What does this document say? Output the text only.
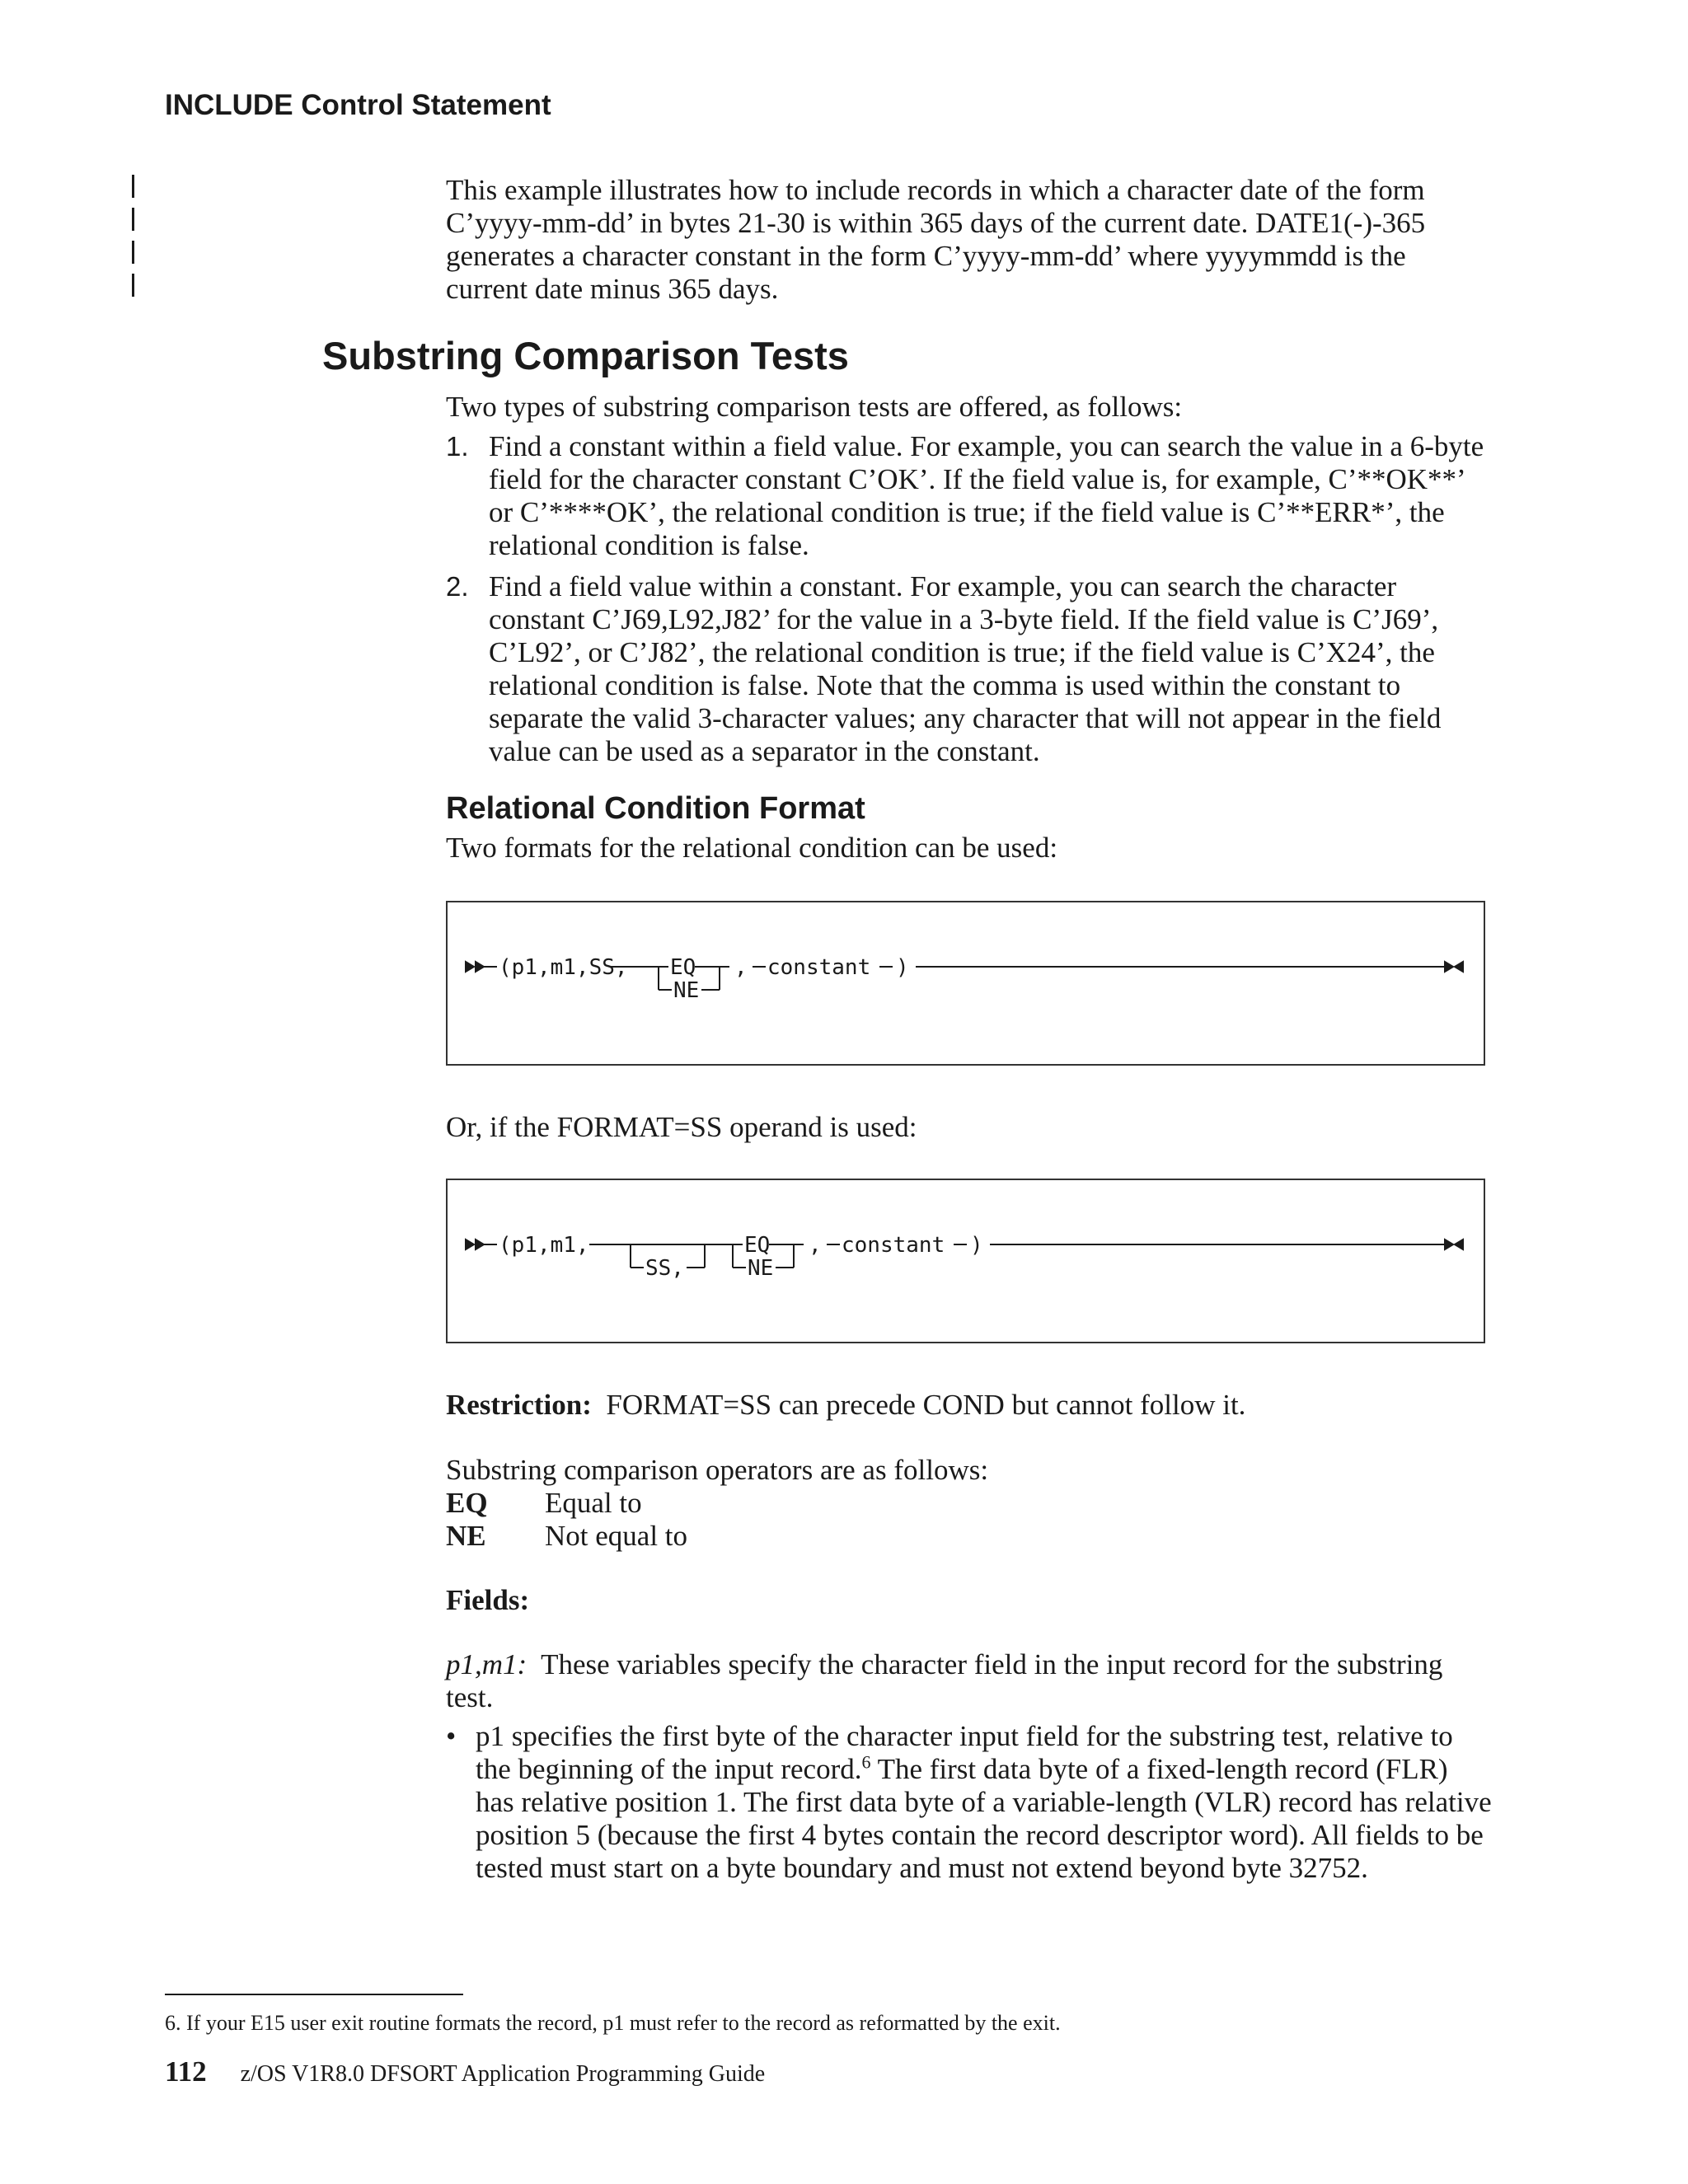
INCLUDE Control Statement

This example illustrates how to include records in which a character date of the form C’yyyy-mm-dd’ in bytes 21-30 is within 365 days of the current date. DATE1(-)-365 generates a character constant in the form C’yyyy-mm-dd’ where yyyymmdd is the current date minus 365 days.

Substring Comparison Tests

Two types of substring comparison tests are offered, as follows:

1. Find a constant within a field value. For example, you can search the value in a 6-byte field for the character constant C’OK’. If the field value is, for example, C’**OK**’ or C’****OK’, the relational condition is true; if the field value is C’**ERR*’, the relational condition is false.
2. Find a field value within a constant. For example, you can search the character constant C’J69,L92,J82’ for the value in a 3-byte field. If the field value is C’J69’, C’L92’, or C’J82’, the relational condition is true; if the field value is C’X24’, the relational condition is false. Note that the comma is used within the constant to separate the valid 3-character values; any character that will not appear in the field value can be used as a separator in the constant.
Relational Condition Format

Two formats for the relational condition can be used:

(p1,m1,SS, EQ
NE
, constant )

Or, if the FORMAT=SS operand is used:

(p1,m1,
SS,
EQ
NE
, constant )

Restriction: FORMAT=SS can precede COND but cannot follow it.

Substring comparison operators are as follows:

EQ	Equal to
NE	Not equal to

Fields:

p1,m1: These variables specify the character field in the input record for the substring test.

• p1 specifies the first byte of the character input field for the substring test, relative to the beginning of the input record.$^6$ The first data byte of a fixed-length record (FLR) has relative position 1. The first data byte of a variable-length (VLR) record has relative position 5 (because the first 4 bytes contain the record descriptor word). All fields to be tested must start on a byte boundary and must not extend beyond byte 32752.
6. If your E15 user exit routine formats the record, p1 must refer to the record as reformatted by the exit.
112 z/OS V1R8.0 DFSORT Application Programming Guide
